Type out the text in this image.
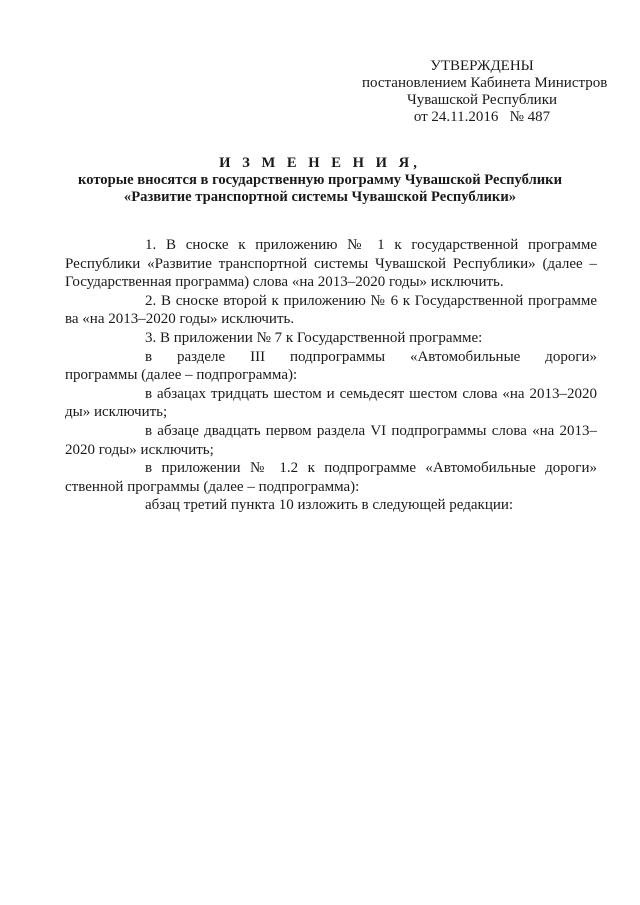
УТВЕРЖДЕНЫ
постановлением Кабинета Министров
Чувашской Республики
от 24.11.2016   № 487
И З М Е Н Е Н И Я,
которые вносятся в государственную программу Чувашской Республики
«Развитие транспортной системы Чувашской Республики»
1. В сноске к приложению № 1 к государственной программе
Республики «Развитие транспортной системы Чувашской Республики» (далее –
Государственная программа) слова «на 2013–2020 годы» исключить.
2. В сноске второй к приложению № 6 к Государственной программе
ва «на 2013–2020 годы» исключить.
3. В приложении № 7 к Государственной программе:
в разделе III подпрограммы «Автомобильные дороги»
программы (далее – подпрограмма):
в абзацах тридцать шестом и семьдесят шестом слова «на 2013–2020
ды» исключить;
в абзаце двадцать первом раздела VI подпрограммы слова «на 2013–
2020 годы» исключить;
в приложении № 1.2 к подпрограмме «Автомобильные дороги»
ственной программы (далее – подпрограмма):
абзац третий пункта 10 изложить в следующей редакции:
